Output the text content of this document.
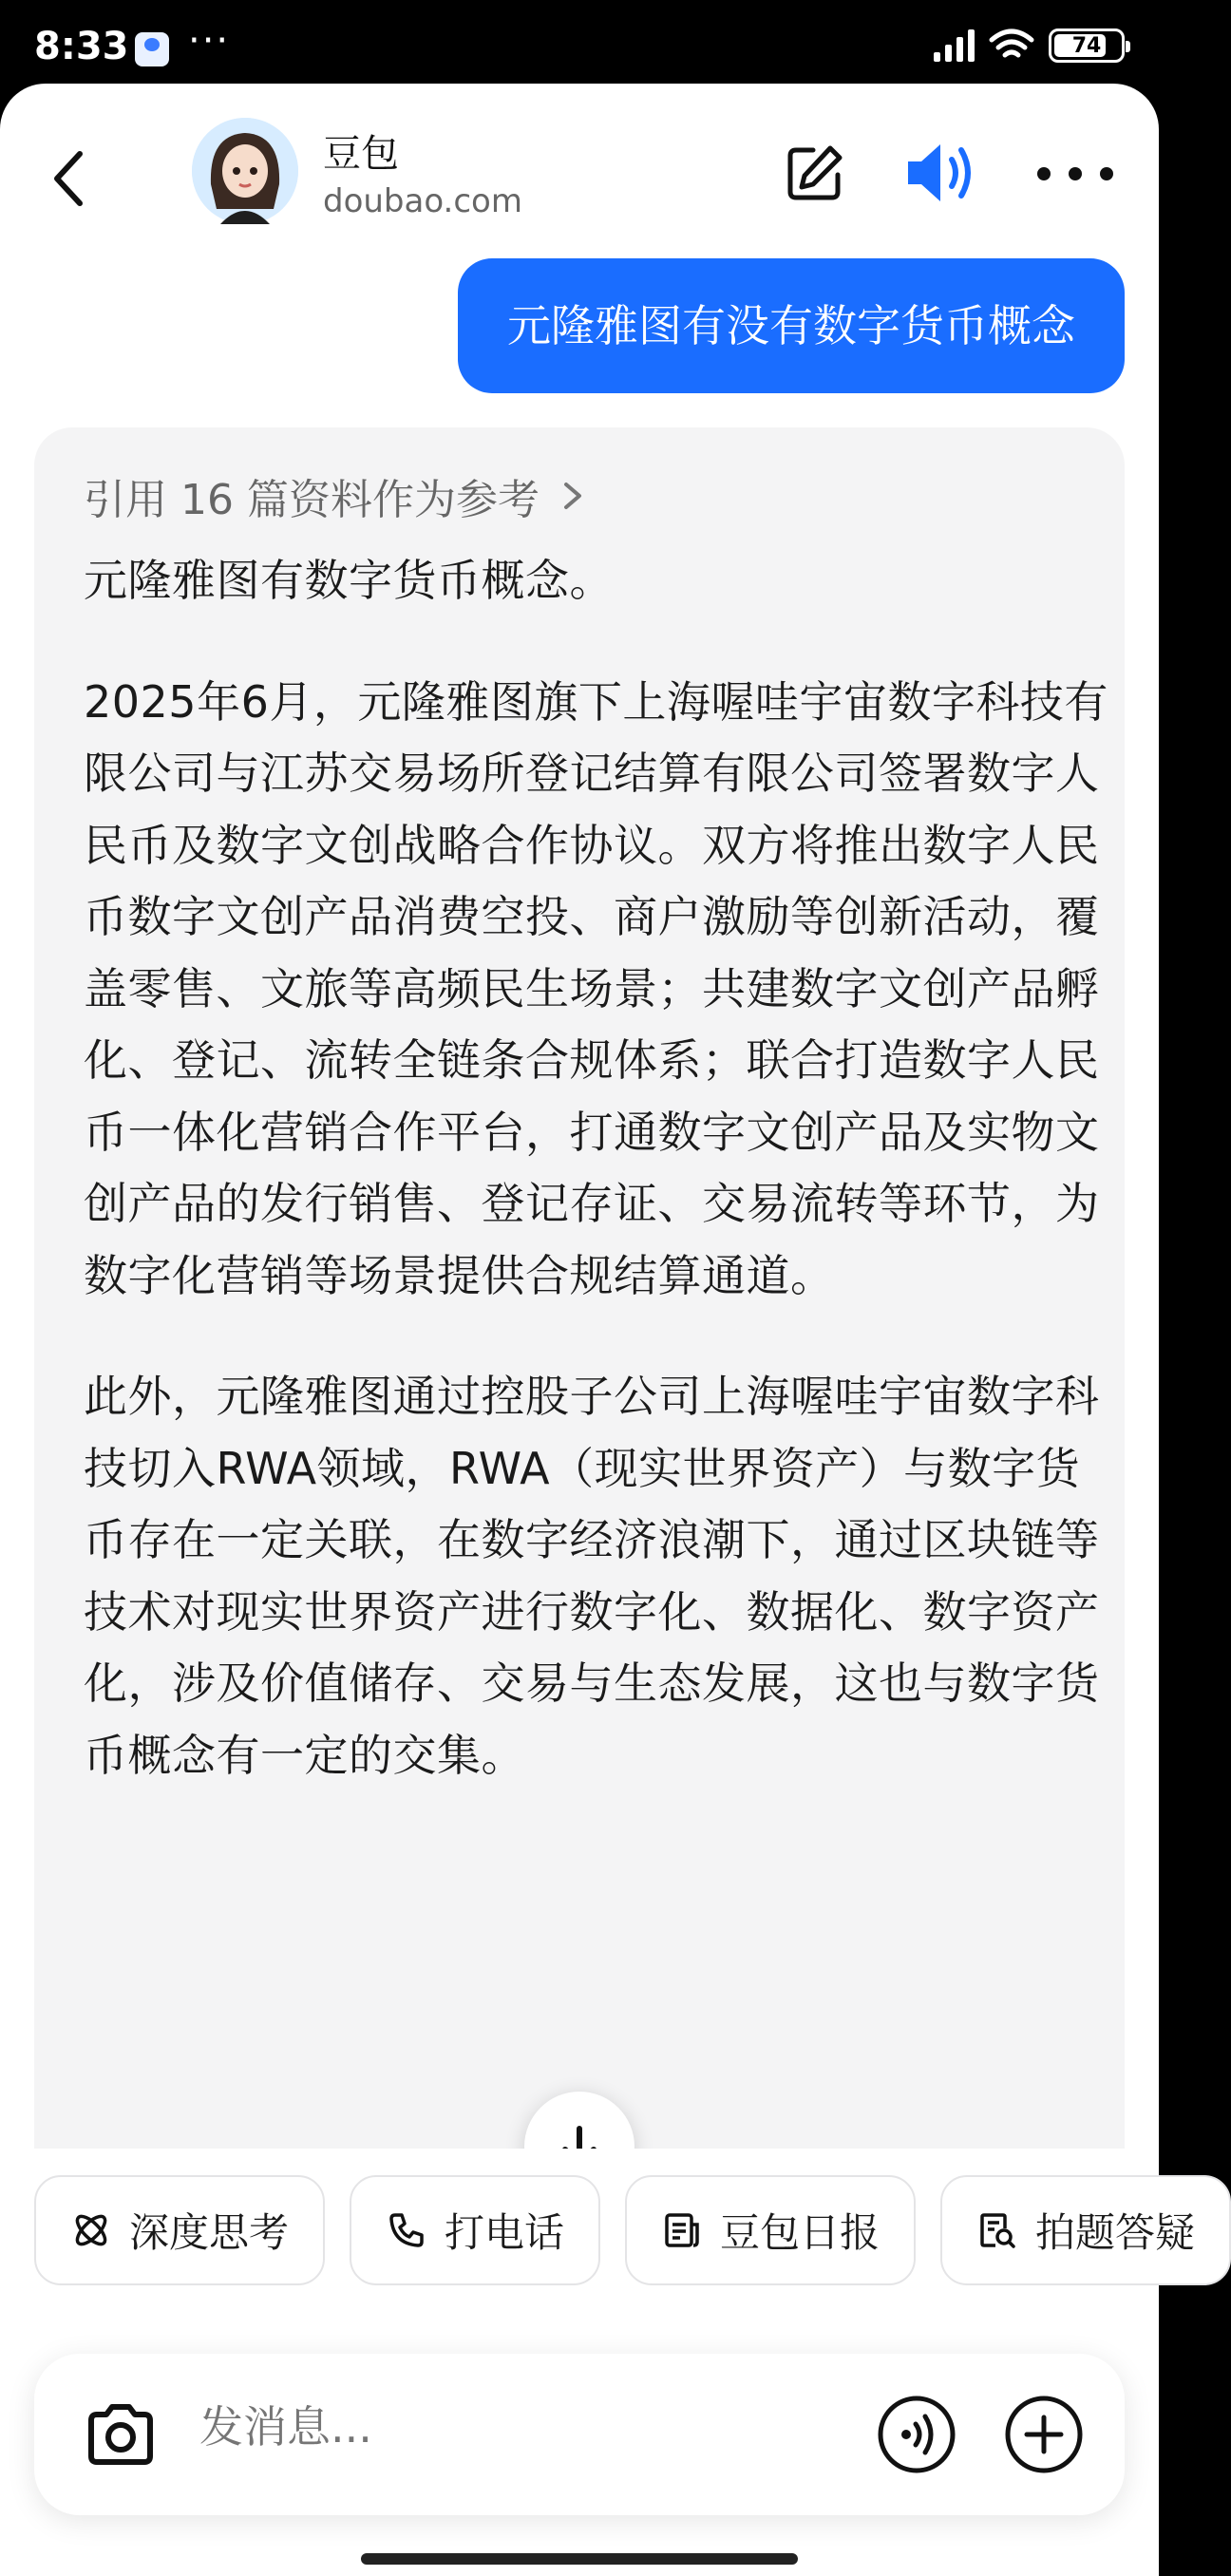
8:33 ···	74
豆包
doubao.com
元隆雅图有没有数字货币概念
引用 16 篇资料作为参考

元隆雅图有数字货币概念。

2025年6月，元隆雅图旗下上海喔哇宇宙数字科技有限公司与江苏交易场所登记结算有限公司签署数字人民币及数字文创战略合作协议。双方将推出数字人民币数字文创产品消费空投、商户激励等创新活动，覆盖零售、文旅等高频民生场景；共建数字文创产品孵化、登记、流转全链条合规体系；联合打造数字人民币一体化营销合作平台，打通数字文创产品及实物文创产品的发行销售、登记存证、交易流转等环节，为数字化营销等场景提供合规结算通道。

此外，元隆雅图通过控股子公司上海喔哇宇宙数字科技切入RWA领域，RWA（现实世界资产）与数字货币存在一定关联，在数字经济浪潮下，通过区块链等技术对现实世界资产进行数字化、数据化、数字资产化，涉及价值储存、交易与生态发展，这也与数字货币概念有一定的交集。

深度思考	打电话	豆包日报	拍题答疑
发消息...
